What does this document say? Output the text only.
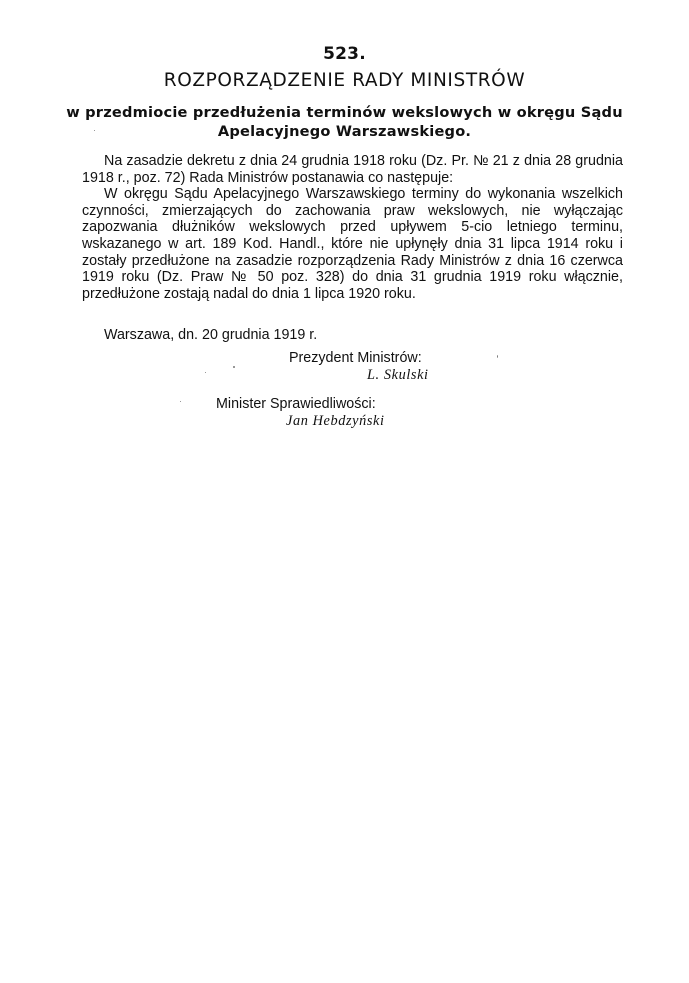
523.
ROZPORZĄDZENIE RADY MINISTRÓW
w przedmiocie przedłużenia terminów wekslowych w okręgu Sądu Apelacyjnego Warszawskiego.

Na zasadzie dekretu z dnia 24 grudnia 1918 roku (Dz. Pr. № 21 z dnia 28 grudnia 1918 r., poz. 72) Rada Ministrów postanawia co następuje:

W okręgu Sądu Apelacyjnego Warszawskiego terminy do wykonania wszelkich czynności, zmierzających do zachowania praw wekslowych, nie wyłączając zapozwania dłużników wekslowych przed upływem 5-cio letniego terminu, wskazanego w art. 189 Kod. Handl., które nie upłynęły dnia 31 lipca 1914 roku i zostały przedłużone na zasadzie rozporządzenia Rady Ministrów z dnia 16 czerwca 1919 roku (Dz. Praw № 50 poz. 328) do dnia 31 grudnia 1919 roku włącznie, przedłużone zostają nadal do dnia 1 lipca 1920 roku.

Warszawa, dn. 20 grudnia 1919 r.
Prezydent Ministrów:
L. Skulski
Minister Sprawiedliwości:
Jan Hebdzyński
